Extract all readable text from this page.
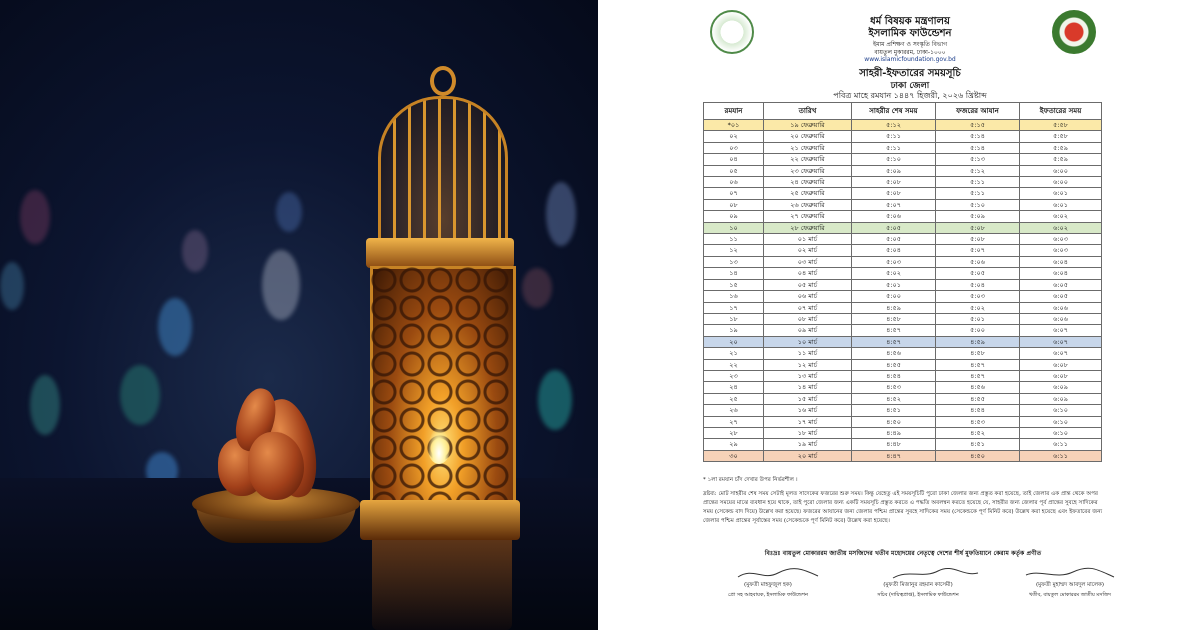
ধর্ম বিষয়ক মন্ত্রণালয়
ইসলামিক ফাউন্ডেশন
ইমাম প্রশিক্ষণ ও সংস্কৃতি বিভাগ
বায়তুল মুকাররম, ঢাকা-১০০০
www.islamicfoundation.gov.bd
সাহরী-ইফতারের সময়সূচি
ঢাকা জেলা
পবিত্র মাহে রমযান ১৪৪৭ হিজরী, ২০২৬ খ্রিষ্টাব্দ
রমযান	তারিখ	সাহরীর শেষ সময়	ফজরের আযান	ইফতারের সময়
*০১	১৯ ফেব্রুয়ারি	৫:১২	৫:১৫	৫:৫৮
০২	২০ ফেব্রুয়ারি	৫:১১	৫:১৪	৫:৫৮
০৩	২১ ফেব্রুয়ারি	৫:১১	৫:১৪	৫:৫৯
০৪	২২ ফেব্রুয়ারি	৫:১০	৫:১৩	৫:৫৯
০৫	২৩ ফেব্রুয়ারি	৫:০৯	৫:১২	৬:০০
০৬	২৪ ফেব্রুয়ারি	৫:০৮	৫:১১	৬:০০
০৭	২৫ ফেব্রুয়ারি	৫:০৮	৫:১১	৬:০১
০৮	২৬ ফেব্রুয়ারি	৫:০৭	৫:১০	৬:০১
০৯	২৭ ফেব্রুয়ারি	৫:০৬	৫:০৯	৬:০২
১০	২৮ ফেব্রুয়ারি	৫:০৫	৫:০৮	৬:০২
১১	০১ মার্চ	৫:০৫	৫:০৮	৬:০৩
১২	০২ মার্চ	৫:০৪	৫:০৭	৬:০৩
১৩	০৩ মার্চ	৫:০৩	৫:০৬	৬:০৪
১৪	০৪ মার্চ	৫:০২	৫:০৫	৬:০৪
১৫	০৫ মার্চ	৫:০১	৫:০৪	৬:০৫
১৬	০৬ মার্চ	৫:০০	৫:০৩	৬:০৫
১৭	০৭ মার্চ	৪:৫৯	৫:০২	৬:০৬
১৮	০৮ মার্চ	৪:৫৮	৫:০১	৬:০৬
১৯	০৯ মার্চ	৪:৫৭	৫:০০	৬:০৭
২০	১০ মার্চ	৪:৫৭	৪:৫৯	৬:০৭
২১	১১ মার্চ	৪:৫৬	৪:৫৮	৬:০৭
২২	১২ মার্চ	৪:৫৫	৪:৫৭	৬:০৮
২৩	১৩ মার্চ	৪:৫৪	৪:৫৭	৬:০৮
২৪	১৪ মার্চ	৪:৫৩	৪:৫৬	৬:০৯
২৫	১৫ মার্চ	৪:৫২	৪:৫৫	৬:০৯
২৬	১৬ মার্চ	৪:৫১	৪:৫৪	৬:১০
২৭	১৭ মার্চ	৪:৫০	৪:৫৩	৬:১০
২৮	১৮ মার্চ	৪:৪৯	৪:৫২	৬:১০
২৯	১৯ মার্চ	৪:৪৮	৪:৫১	৬:১১
৩০	২০ মার্চ	৪:৪৭	৪:৫০	৬:১১
* ১লা রমযান চাঁদ দেখার উপর নির্ভরশীল ।
দ্রষ্টব্য: মোট সাহরীর শেষ সময় সেটাই মূলত সাদেকের ফজরের শুরু সময়। কিন্তু যেহেতু এই সময়সূচিটি পুরো ঢাকা জেলার জন্য প্রস্তুত করা হয়েছে, তাই জেলার এক প্রান্ত থেকে অপর প্রান্তের সময়ের মাঝে ব্যবধান হয়ে থাকে, তাই পুরো জেলার জন্য একটি সময়সূচি প্রস্তুত করতে এ পদ্ধতি অবলম্বন করতে হয়েছে যে, সাহরীর জন্য জেলার পূর্ব প্রান্তের সুবহে সাদিকের সময় (সেকেন্ড বাদ দিয়ে) উল্লেখ করা হয়েছে। ফজরের আযানের জন্য জেলার পশ্চিম প্রান্তের সুবহে সাদিকের সময় (সেকেন্ডকে পূর্ণ মিনিট করে) উল্লেখ করা হয়েছে এবং ইফতারের জন্য জেলার পশ্চিম প্রান্তের সূর্যাস্তের সময় (সেকেন্ডকে পূর্ণ মিনিট করে) উল্লেখ করা হয়েছে।
বিঃদ্রঃ বায়তুল মোকাররম জাতীয় মসজিদের খতীব মহোদয়ের নেতৃত্বে দেশের শীর্ষ মুফতিয়ানে কেরাম কর্তৃক প্রণীত
(মুফতী মাহফুজুল হক)	(মুফতী মিজানুর রহমান কাসেমী)	(মুফতী মুহাম্মদ আবদুল মালেক)
প্রো সহ আহবায়ক, ইসলামিক ফাউন্ডেশন	সচিব (দায়িত্বপ্রাপ্ত), ইসলামিক ফাউন্ডেশন	খতীব, বায়তুল মোকাররম জাতীয় মসজিদ
